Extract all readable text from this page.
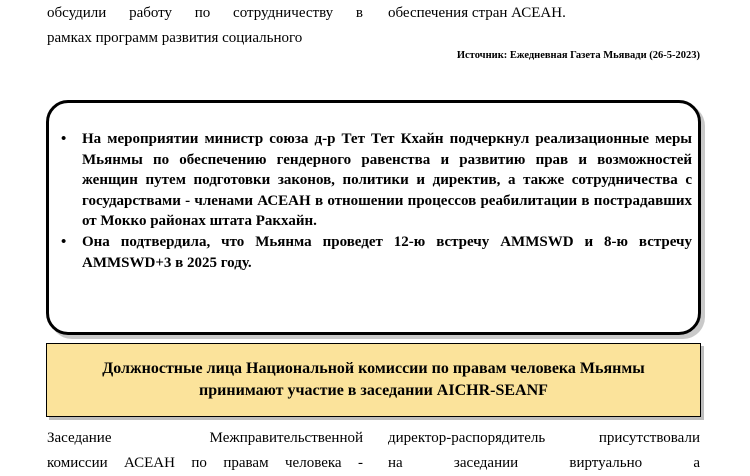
обсудили работу по сотрудничеству в
рамках программ развития социального
обеспечения стран АСЕАН.
Источник: Ежедневная Газета Мьявади (26-5-2023)
• На мероприятии министр союза д-р Тет Тет Кхайн подчеркнул реализационные меры Мьянмы по обеспечению гендерного равенства и развитию прав и возможностей женщин путем подготовки законов, политики и директив, а также сотрудничества с государствами - членами АСЕАН в отношении процессов реабилитации в пострадавших от Мокко районах штата Ракхайн.
• Она подтвердила, что Мьянма проведет 12-ю встречу AMMSWD и 8-ю встречу AMMSWD+3 в 2025 году.
Должностные лица Национальной комиссии по правам человека Мьянмы
принимают участие в заседании AICHR-SEANF
Заседание Межправительственной
комиссии АСЕАН по правам человека -
директор-распорядитель присутствовали
на заседании виртуально а
